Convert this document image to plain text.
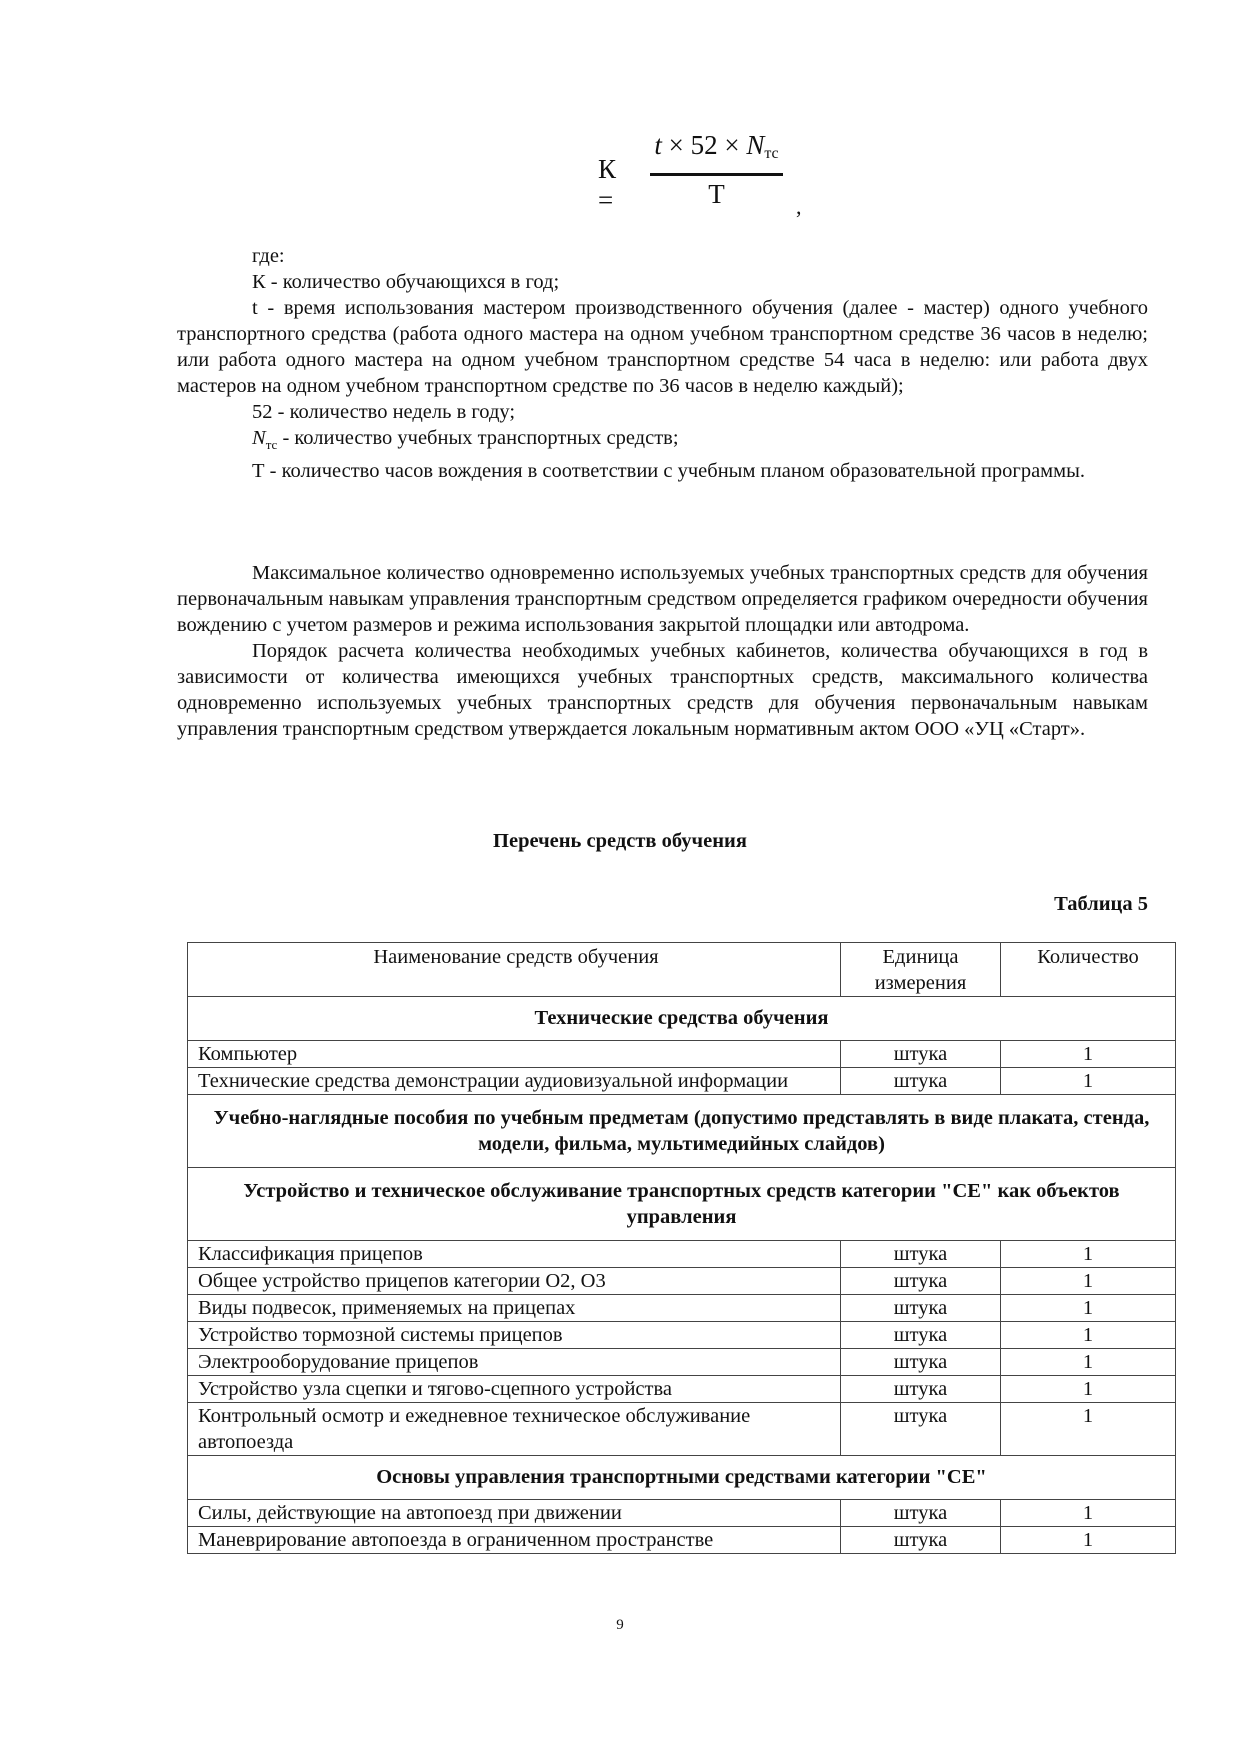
К =
$t \times 52 \times N_{тс}$
Т	,

где:

К - количество обучающихся в год;

t - время использования мастером производственного обучения (далее - мастер) одного учебного транспортного средства (работа одного мастера на одном учебном транспортном средстве 36 часов в неделю; или работа одного мастера на одном учебном транспортном средстве 54 часа в неделю: или работа двух мастеров на одном учебном транспортном средстве по 36 часов в неделю каждый);

52 - количество недель в году;

$N_{тс}$ - количество учебных транспортных средств;

Т - количество часов вождения в соответствии с учебным планом образовательной программы.

Максимальное количество одновременно используемых учебных транспортных средств для обучения первоначальным навыкам управления транспортным средством определяется графиком очередности обучения вождению с учетом размеров и режима использования закрытой площадки или автодрома.

Порядок расчета количества необходимых учебных кабинетов, количества обучающихся в год в зависимости от количества имеющихся учебных транспортных средств, максимального количества одновременно используемых учебных транспортных средств для обучения первоначальным навыкам управления транспортным средством утверждается локальным нормативным актом ООО «УЦ «Старт».

Перечень средств обучения
Таблица 5
Наименование средств обучения	Единица измерения	Количество
Технические средства обучения		
Компьютер	штука	1
Технические средства демонстрации аудиовизуальной информации	штука	1
Учебно-наглядные пособия по учебным предметам (допустимо представлять в виде плаката, стенда, модели, фильма, мультимедийных слайдов)		
Устройство и техническое обслуживание транспортных средств категории "CE" как объектов управления		
Классификация прицепов	штука	1
Общее устройство прицепов категории О2, О3	штука	1
Виды подвесок, применяемых на прицепах	штука	1
Устройство тормозной системы прицепов	штука	1
Электрооборудование прицепов	штука	1
Устройство узла сцепки и тягово-сцепного устройства	штука	1
Контрольный осмотр и ежедневное техническое обслуживание автопоезда	штука	1
Основы управления транспортными средствами категории "CE"		
Силы, действующие на автопоезд при движении	штука	1
Маневрирование автопоезда в ограниченном пространстве	штука	1
9
